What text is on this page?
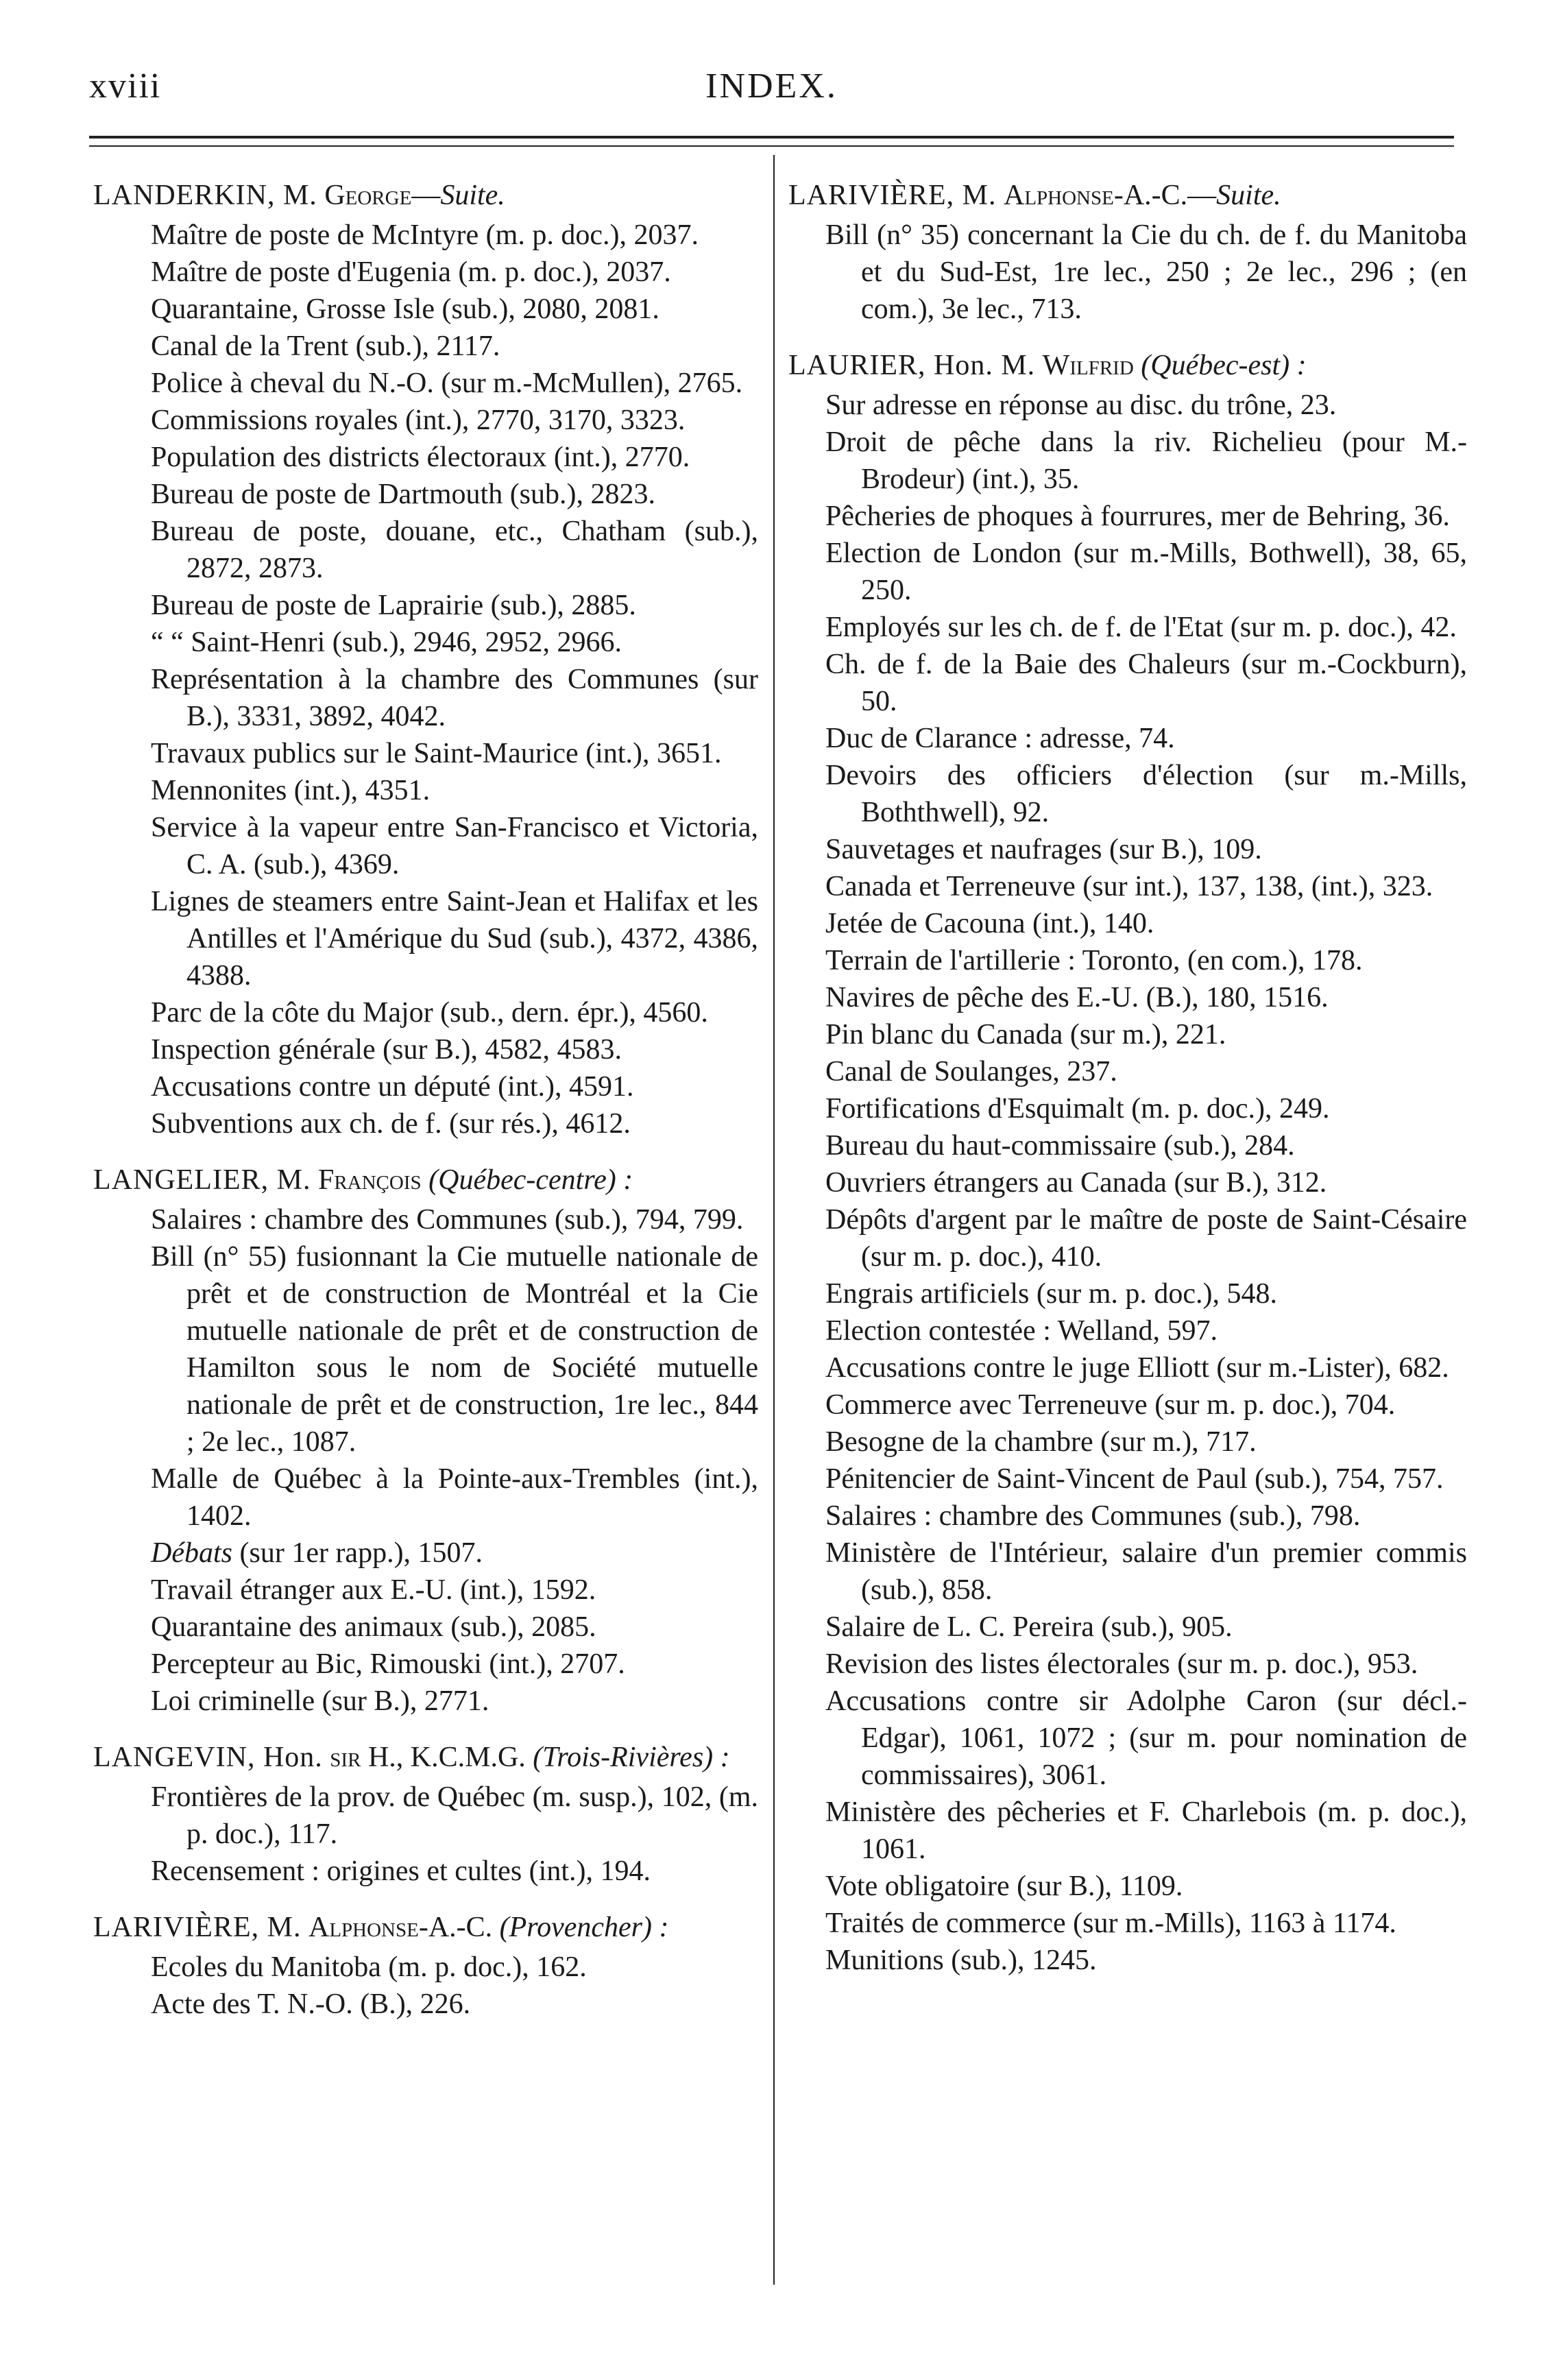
xviii	INDEX.

LANDERKIN, M. George—Suite.

Maître de poste de McIntyre (m. p. doc.), 2037.

Maître de poste d'Eugenia (m. p. doc.), 2037.

Quarantaine, Grosse Isle (sub.), 2080, 2081.

Canal de la Trent (sub.), 2117.

Police à cheval du N.-O. (sur m.-McMullen), 2765.

Commissions royales (int.), 2770, 3170, 3323.

Population des districts électoraux (int.), 2770.

Bureau de poste de Dartmouth (sub.), 2823.

Bureau de poste, douane, etc., Chatham (sub.), 2872, 2873.

Bureau de poste de Laprairie (sub.), 2885.

“ “ Saint-Henri (sub.), 2946, 2952, 2966.

Représentation à la chambre des Communes (sur B.), 3331, 3892, 4042.

Travaux publics sur le Saint-Maurice (int.), 3651.

Mennonites (int.), 4351.

Service à la vapeur entre San-Francisco et Victoria, C. A. (sub.), 4369.

Lignes de steamers entre Saint-Jean et Halifax et les Antilles et l'Amérique du Sud (sub.), 4372, 4386, 4388.

Parc de la côte du Major (sub., dern. épr.), 4560.

Inspection générale (sur B.), 4582, 4583.

Accusations contre un député (int.), 4591.

Subventions aux ch. de f. (sur rés.), 4612.

LANGELIER, M. François (Québec-centre) :

Salaires : chambre des Communes (sub.), 794, 799.

Bill (n° 55) fusionnant la Cie mutuelle nationale de prêt et de construction de Montréal et la Cie mutuelle nationale de prêt et de construction de Hamilton sous le nom de Société mutuelle nationale de prêt et de construction, 1re lec., 844 ; 2e lec., 1087.

Malle de Québec à la Pointe-aux-Trembles (int.), 1402.

Débats (sur 1er rapp.), 1507.

Travail étranger aux E.-U. (int.), 1592.

Quarantaine des animaux (sub.), 2085.

Percepteur au Bic, Rimouski (int.), 2707.

Loi criminelle (sur B.), 2771.

LANGEVIN, Hon. sir H., K.C.M.G. (Trois-Rivières) :

Frontières de la prov. de Québec (m. susp.), 102, (m. p. doc.), 117.

Recensement : origines et cultes (int.), 194.

LARIVIÈRE, M. Alphonse-A.-C. (Provencher) :

Ecoles du Manitoba (m. p. doc.), 162.

Acte des T. N.-O. (B.), 226.

LARIVIÈRE, M. Alphonse-A.-C.—Suite.

Bill (n° 35) concernant la Cie du ch. de f. du Manitoba et du Sud-Est, 1re lec., 250 ; 2e lec., 296 ; (en com.), 3e lec., 713.

LAURIER, Hon. M. Wilfrid (Québec-est) :

Sur adresse en réponse au disc. du trône, 23.

Droit de pêche dans la riv. Richelieu (pour M.-Brodeur) (int.), 35.

Pêcheries de phoques à fourrures, mer de Behring, 36.

Election de London (sur m.-Mills, Bothwell), 38, 65, 250.

Employés sur les ch. de f. de l'Etat (sur m. p. doc.), 42.

Ch. de f. de la Baie des Chaleurs (sur m.-Cockburn), 50.

Duc de Clarance : adresse, 74.

Devoirs des officiers d'élection (sur m.-Mills, Boththwell), 92.

Sauvetages et naufrages (sur B.), 109.

Canada et Terreneuve (sur int.), 137, 138, (int.), 323.

Jetée de Cacouna (int.), 140.

Terrain de l'artillerie : Toronto, (en com.), 178.

Navires de pêche des E.-U. (B.), 180, 1516.

Pin blanc du Canada (sur m.), 221.

Canal de Soulanges, 237.

Fortifications d'Esquimalt (m. p. doc.), 249.

Bureau du haut-commissaire (sub.), 284.

Ouvriers étrangers au Canada (sur B.), 312.

Dépôts d'argent par le maître de poste de Saint-Césaire (sur m. p. doc.), 410.

Engrais artificiels (sur m. p. doc.), 548.

Election contestée : Welland, 597.

Accusations contre le juge Elliott (sur m.-Lister), 682.

Commerce avec Terreneuve (sur m. p. doc.), 704.

Besogne de la chambre (sur m.), 717.

Pénitencier de Saint-Vincent de Paul (sub.), 754, 757.

Salaires : chambre des Communes (sub.), 798.

Ministère de l'Intérieur, salaire d'un premier commis (sub.), 858.

Salaire de L. C. Pereira (sub.), 905.

Revision des listes électorales (sur m. p. doc.), 953.

Accusations contre sir Adolphe Caron (sur décl.-Edgar), 1061, 1072 ; (sur m. pour nomination de commissaires), 3061.

Ministère des pêcheries et F. Charlebois (m. p. doc.), 1061.

Vote obligatoire (sur B.), 1109.

Traités de commerce (sur m.-Mills), 1163 à 1174.

Munitions (sub.), 1245.
